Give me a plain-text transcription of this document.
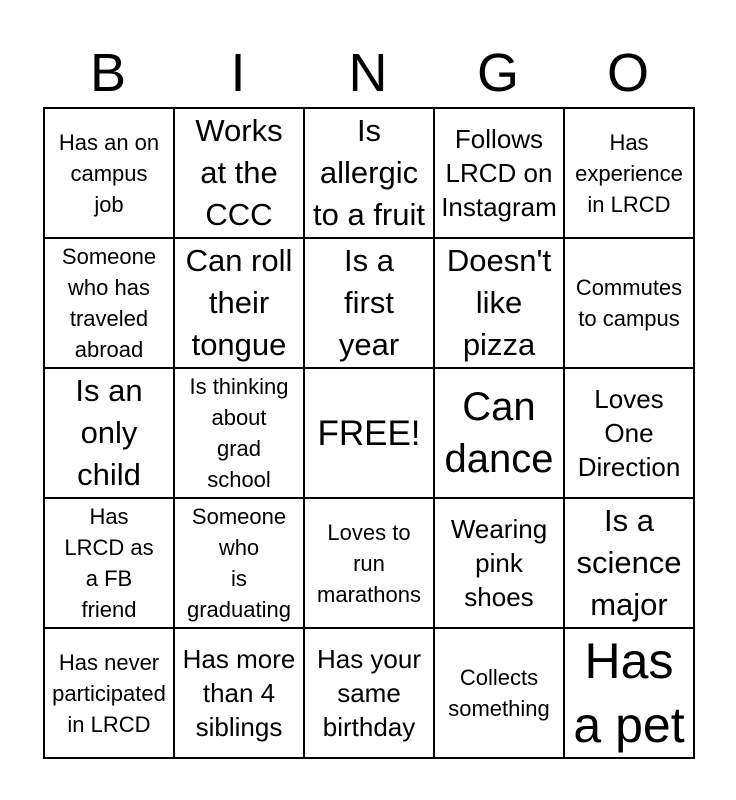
B	I	N	G	O
Has an on
campus
job	Works
at the
CCC	Is
allergic
to a fruit	Follows
LRCD on
Instagram	Has
experience
in LRCD

Someone
who has
traveled
abroad	Can roll
their
tongue	Is a
first
year	Doesn't
like
pizza	Commutes
to campus

Is an
only
child	Is thinking
about
grad
school	FREE!	Can
dance	Loves
One
Direction

Has
LRCD as
a FB
friend	Someone
who
is
graduating	Loves to
run
marathons	Wearing
pink
shoes	Is a
science
major

Has never
participated
in LRCD	Has more
than 4
siblings	Has your
same
birthday	Collects
something	Has
a pet
